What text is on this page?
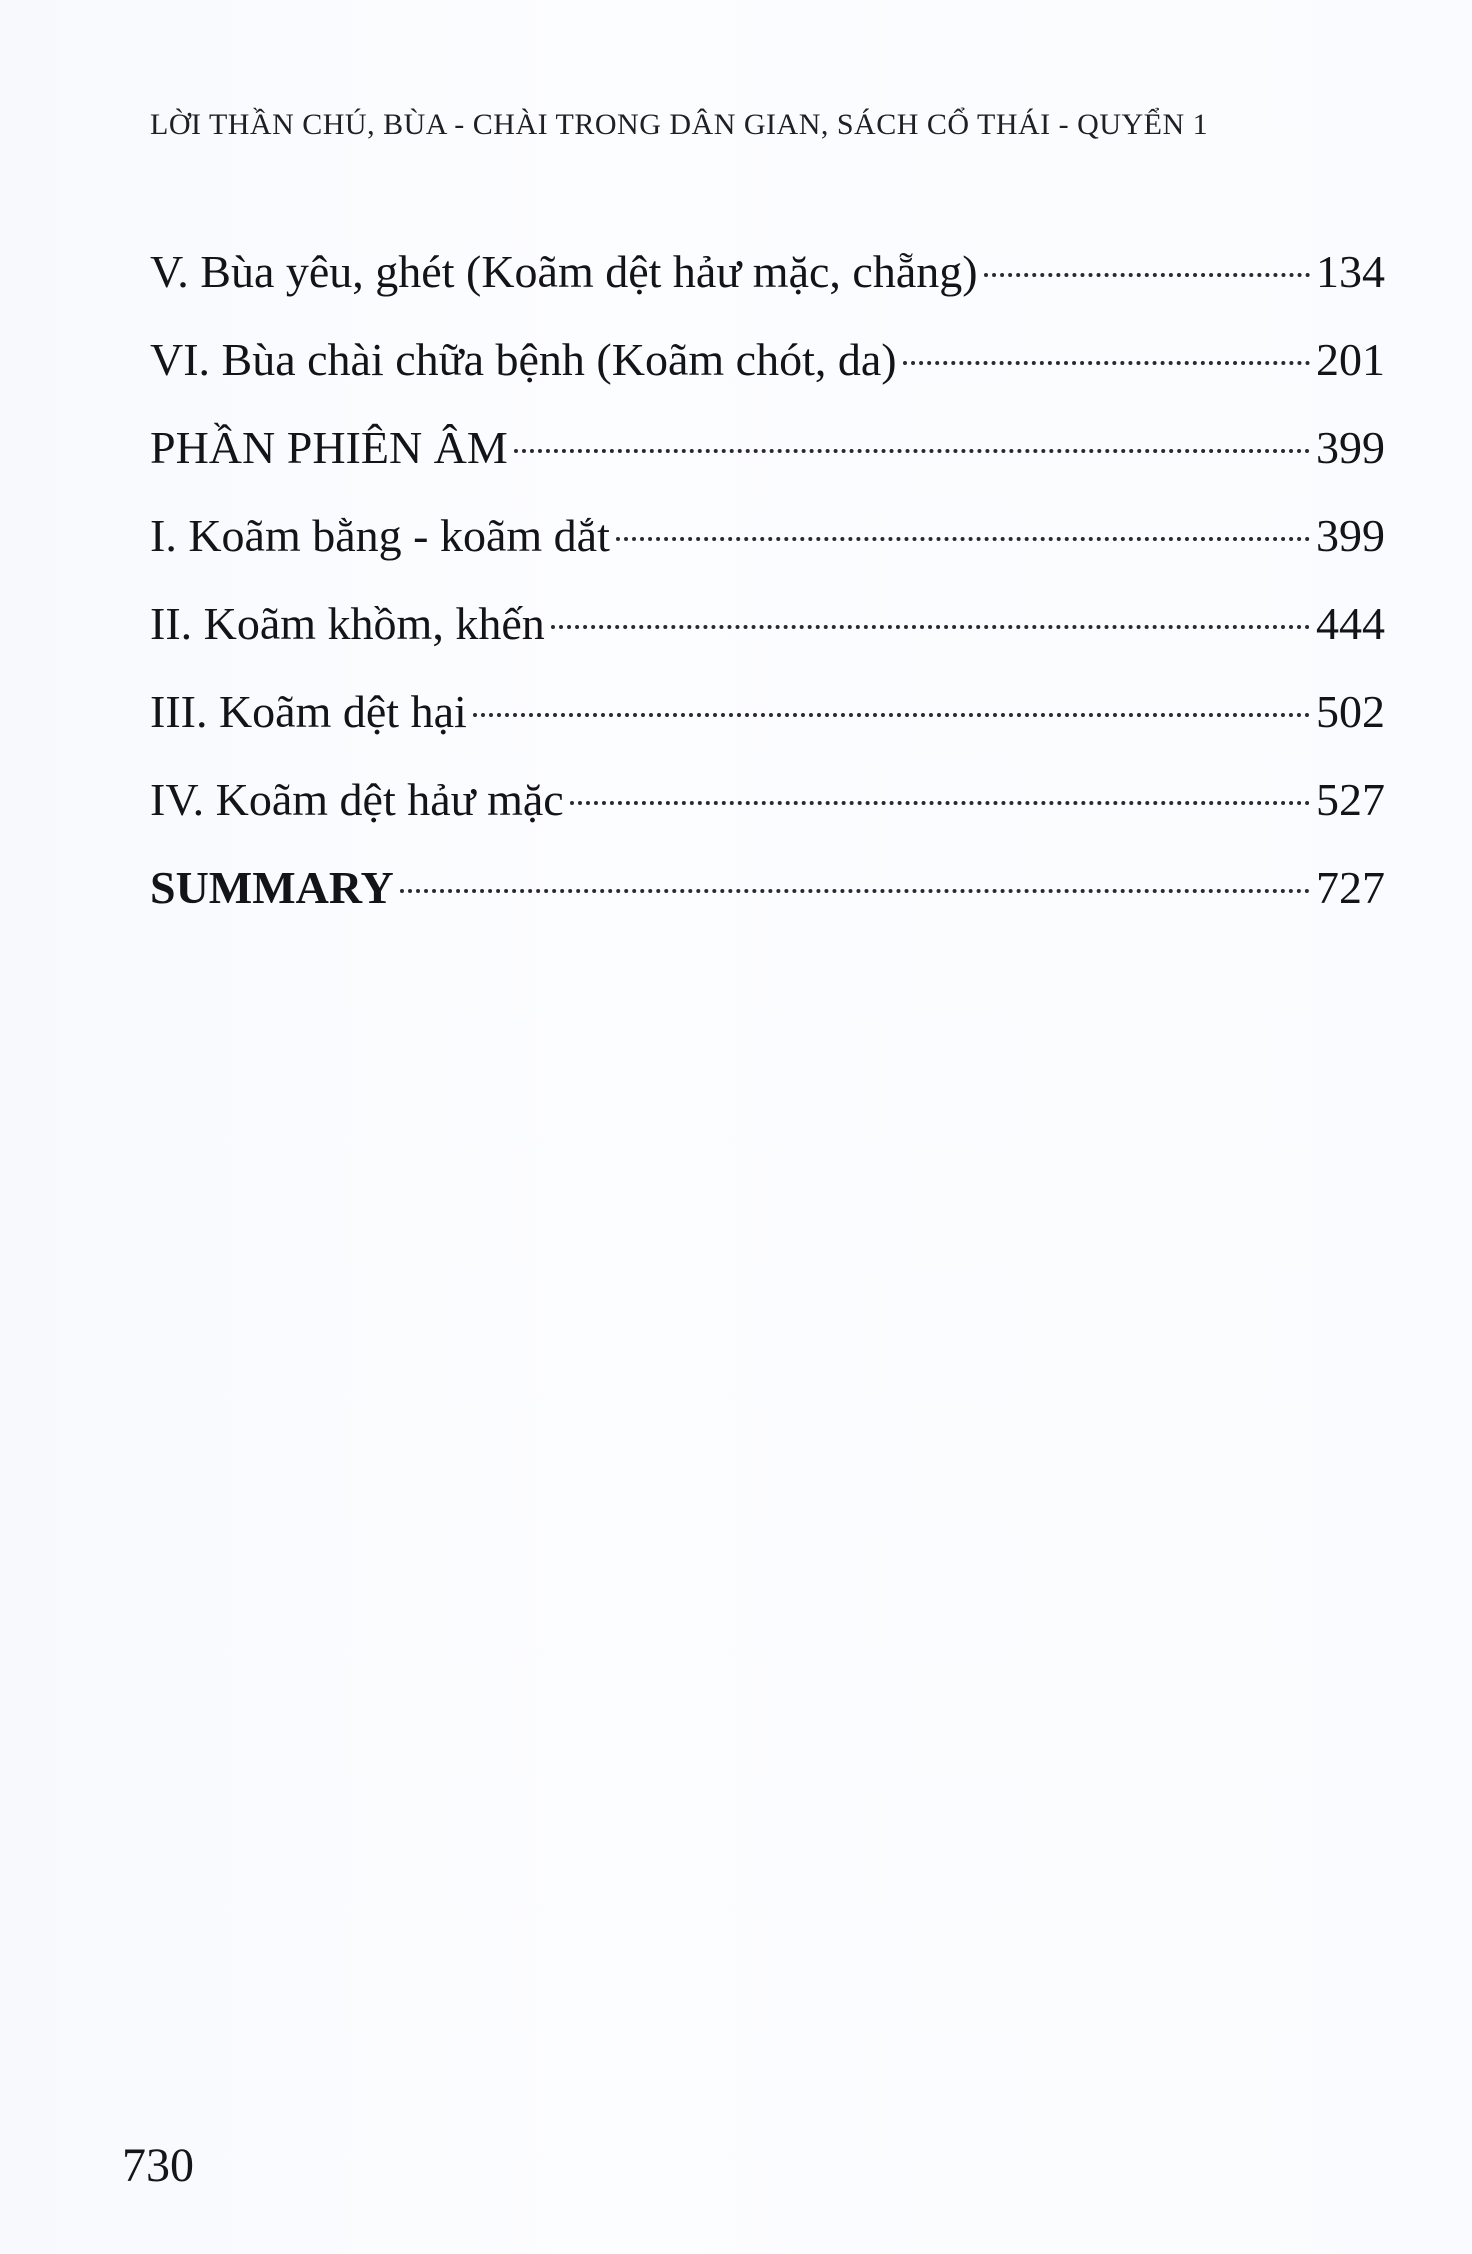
LỜI THẦN CHÚ, BÙA - CHÀI TRONG DÂN GIAN, SÁCH CỔ THÁI - QUYỂN 1
V. Bùa yêu, ghét (Koãm dệt hảư mặc, chẵng)	134
VI. Bùa chài chữa bệnh (Koãm chót, da)	201
PHẦN PHIÊN ÂM	399
I. Koãm bằng - koãm dắt	399
II. Koãm khồm, khến	444
III. Koãm dệt hại	502
IV. Koãm dệt hảư mặc	527
SUMMARY	727
730
